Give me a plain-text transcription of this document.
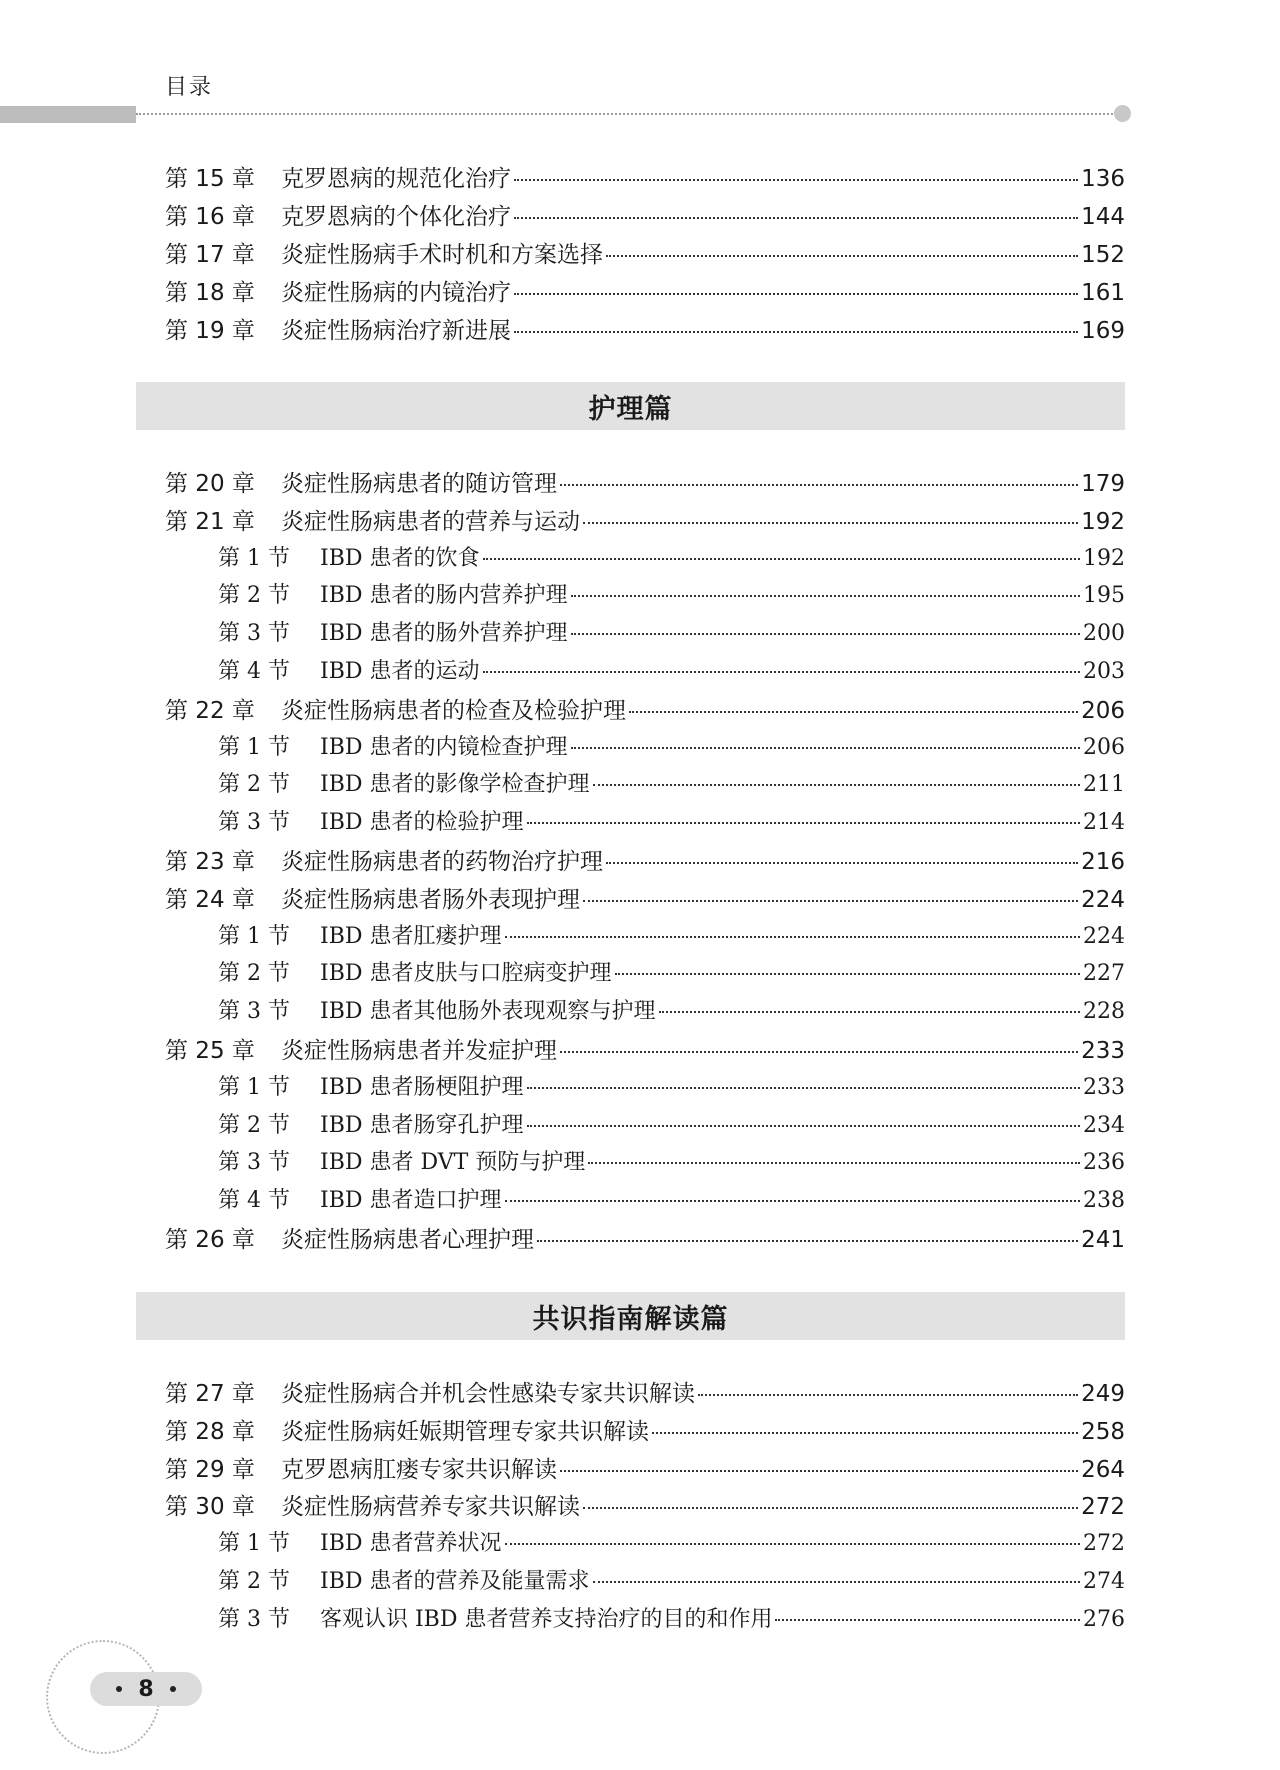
目录
护理篇
共识指南解读篇
第 15 章	克罗恩病的规范化治疗	136
第 16 章	克罗恩病的个体化治疗	144
第 17 章	炎症性肠病手术时机和方案选择	152
第 18 章	炎症性肠病的内镜治疗	161
第 19 章	炎症性肠病治疗新进展	169
第 20 章	炎症性肠病患者的随访管理	179
第 21 章	炎症性肠病患者的营养与运动	192
第 1 节	IBD 患者的饮食	192
第 2 节	IBD 患者的肠内营养护理	195
第 3 节	IBD 患者的肠外营养护理	200
第 4 节	IBD 患者的运动	203
第 22 章	炎症性肠病患者的检查及检验护理	206
第 1 节	IBD 患者的内镜检查护理	206
第 2 节	IBD 患者的影像学检查护理	211
第 3 节	IBD 患者的检验护理	214
第 23 章	炎症性肠病患者的药物治疗护理	216
第 24 章	炎症性肠病患者肠外表现护理	224
第 1 节	IBD 患者肛瘘护理	224
第 2 节	IBD 患者皮肤与口腔病变护理	227
第 3 节	IBD 患者其他肠外表现观察与护理	228
第 25 章	炎症性肠病患者并发症护理	233
第 1 节	IBD 患者肠梗阻护理	233
第 2 节	IBD 患者肠穿孔护理	234
第 3 节	IBD 患者 DVT 预防与护理	236
第 4 节	IBD 患者造口护理	238
第 26 章	炎症性肠病患者心理护理	241
第 27 章	炎症性肠病合并机会性感染专家共识解读	249
第 28 章	炎症性肠病妊娠期管理专家共识解读	258
第 29 章	克罗恩病肛瘘专家共识解读	264
第 30 章	炎症性肠病营养专家共识解读	272
第 1 节	IBD 患者营养状况	272
第 2 节	IBD 患者的营养及能量需求	274
第 3 节	客观认识 IBD 患者营养支持治疗的目的和作用	276
8
